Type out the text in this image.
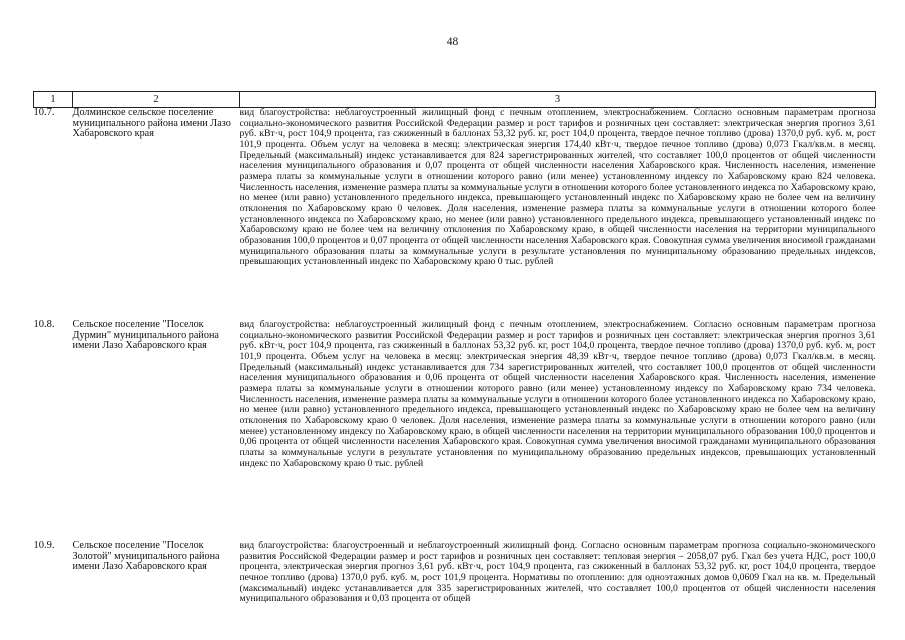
48
1	2	3
10.7.	Долминское сельское поселение муниципального района имени Лазо Хабаровского края	вид благоустройства: неблагоустроенный жилищный фонд с печным отоплением, электроснабжением. Согласно основным параметрам прогноза социально-экономического развития Российской Федерации размер и рост тарифов и розничных цен составляет: электрическая энергия прогноз 3,61 руб. кВт·ч, рост 104,9 процента, газ сжиженный в баллонах 53,32 руб. кг, рост 104,0 процента, твердое печное топливо (дрова) 1370,0 руб. куб. м, рост 101,9 процента. Объем услуг на человека в месяц: электрическая энергия 174,40 кВт·ч, твердое печное топливо (дрова) 0,073 Гкал/кв.м. в месяц. Предельный (максимальный) индекс устанавливается для 824 зарегистрированных жителей, что составляет 100,0 процентов от общей численности населения муниципального образования и 0,07 процента от общей численности населения Хабаровского края. Численность населения, изменение размера платы за коммунальные услуги в отношении которого равно (или менее) установленному индексу по Хабаровскому краю 824 человека. Численность населения, изменение размера платы за коммунальные услуги в отношении которого более установленного индекса по Хабаровскому краю, но менее (или равно) установленного предельного индекса, превышающего установленный индекс по Хабаровскому краю не более чем на величину отклонения по Хабаровскому краю 0 человек. Доля населения, изменение размера платы за коммунальные услуги в отношении которого более установленного индекса по Хабаровскому краю, но менее (или равно) установленного предельного индекса, превышающего установленный индекс по Хабаровскому краю не более чем на величину отклонения по Хабаровскому краю, в общей численности населения на территории муниципального образования 100,0 процентов и 0,07 процента от общей численности населения Хабаровского края. Совокупная сумма увеличения вносимой гражданами муниципального образования платы за коммунальные услуги в результате установления по муниципальному образованию предельных индексов, превышающих установленный индекс по Хабаровскому краю 0 тыс. рублей
10.8.	Сельское поселение "Поселок Дурмин" муниципального района имени Лазо Хабаровского края	вид благоустройства: неблагоустроенный жилищный фонд с печным отоплением, электроснабжением. Согласно основным параметрам прогноза социально-экономического развития Российской Федерации размер и рост тарифов и розничных цен составляет: электрическая энергия прогноз 3,61 руб. кВт·ч, рост 104,9 процента, газ сжиженный в баллонах 53,32 руб. кг, рост 104,0 процента, твердое печное топливо (дрова) 1370,0 руб. куб. м, рост 101,9 процента. Объем услуг на человека в месяц: электрическая энергия 48,39 кВт·ч, твердое печное топливо (дрова) 0,073 Гкал/кв.м. в месяц. Предельный (максимальный) индекс устанавливается для 734 зарегистрированных жителей, что составляет 100,0 процентов от общей численности населения муниципального образования и 0,06 процента от общей численности населения Хабаровского края. Численность населения, изменение размера платы за коммунальные услуги в отношении которого равно (или менее) установленному индексу по Хабаровскому краю 734 человека. Численность населения, изменение размера платы за коммунальные услуги в отношении которого более установленного индекса по Хабаровскому краю, но менее (или равно) установленного предельного индекса, превышающего установленный индекс по Хабаровскому краю не более чем на величину отклонения по Хабаровскому краю 0 человек. Доля населения, изменение размера платы за коммунальные услуги в отношении которого равно (или менее) установленному индексу по Хабаровскому краю, в общей численности населения на территории муниципального образования 100,0 процентов и 0,06 процента от общей численности населения Хабаровского края. Совокупная сумма увеличения вносимой гражданами муниципального образования платы за коммунальные услуги в результате установления по муниципальному образованию предельных индексов, превышающих установленный индекс по Хабаровскому краю 0 тыс. рублей
10.9.	Сельское поселение "Поселок Золотой" муниципального района имени Лазо Хабаровского края	вид благоустройства: благоустроенный и неблагоустроенный жилищный фонд. Согласно основным параметрам прогноза социально-экономического развития Российской Федерации размер и рост тарифов и розничных цен составляет: тепловая энергия – 2058,07 руб. Гкал без учета НДС, рост 100,0 процента, электрическая энергия прогноз 3,61 руб. кВт·ч, рост 104,9 процента, газ сжиженный в баллонах 53,32 руб. кг, рост 104,0 процента, твердое печное топливо (дрова) 1370,0 руб. куб. м, рост 101,9 процента. Нормативы по отоплению: для одноэтажных домов 0,0609 Гкал на кв. м. Предельный (максимальный) индекс устанавливается для 335 зарегистрированных жителей, что составляет 100,0 процентов от общей численности населения муниципального образования и 0,03 процента от общей
